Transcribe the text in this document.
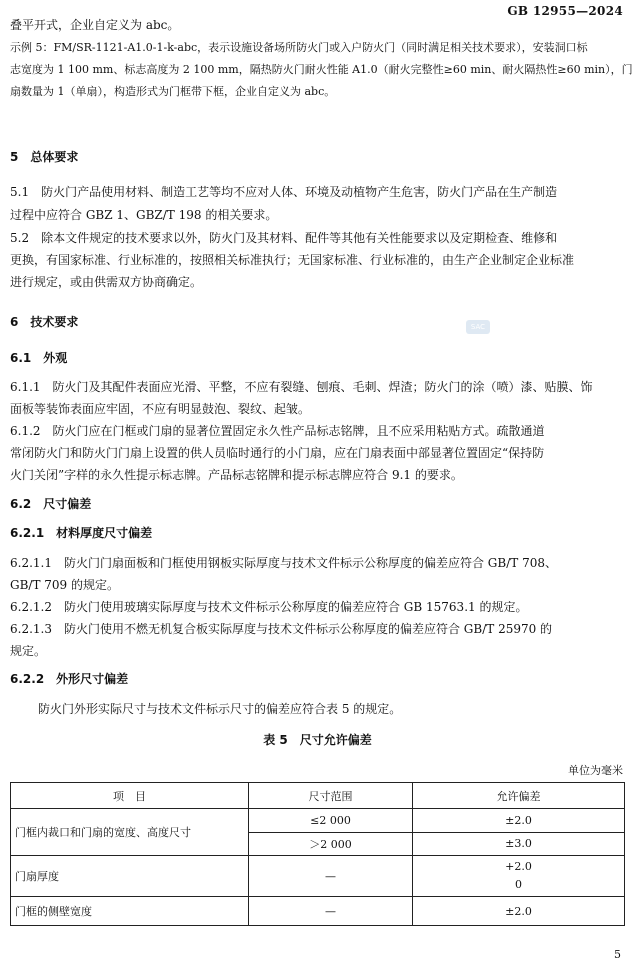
GB 12955—2024
叠平开式，企业自定义为 abc。
示例 5：FM/SR-1121-A1.0-1-k-abc，表示设施设备场所防火门或入户防火门（同时满足相关技术要求），安装洞口标
志宽度为 1 100 mm、标志高度为 2 100 mm，隔热防火门耐火性能 A1.0（耐火完整性≥60 min、耐火隔热性≥60 min），门
扇数量为 1（单扇），构造形式为门框带下框，企业自定义为 abc。
5　总体要求
5.1　防火门产品使用材料、制造工艺等均不应对人体、环境及动植物产生危害，防火门产品在生产制造
过程中应符合 GBZ 1、GBZ/T 198 的相关要求。
5.2　除本文件规定的技术要求以外，防火门及其材料、配件等其他有关性能要求以及定期检查、维修和
更换，有国家标准、行业标准的，按照相关标准执行；无国家标准、行业标准的，由生产企业制定企业标准
进行规定，或由供需双方协商确定。
6　技术要求	SAC
6.1　外观
6.1.1　防火门及其配件表面应光滑、平整，不应有裂缝、刨痕、毛刺、焊渣；防火门的涂（喷）漆、贴膜、饰
面板等装饰表面应牢固，不应有明显鼓泡、裂纹、起皱。
6.1.2　防火门应在门框或门扇的显著位置固定永久性产品标志铭牌，且不应采用粘贴方式。疏散通道
常闭防火门和防火门门扇上设置的供人员临时通行的小门扇，应在门扇表面中部显著位置固定“保持防
火门关闭”字样的永久性提示标志牌。产品标志铭牌和提示标志牌应符合 9.1 的要求。
6.2　尺寸偏差
6.2.1　材料厚度尺寸偏差
6.2.1.1　防火门门扇面板和门框使用钢板实际厚度与技术文件标示公称厚度的偏差应符合 GB/T 708、
GB/T 709 的规定。
6.2.1.2　防火门使用玻璃实际厚度与技术文件标示公称厚度的偏差应符合 GB 15763.1 的规定。
6.2.1.3　防火门使用不燃无机复合板实际厚度与技术文件标示公称厚度的偏差应符合 GB/T 25970 的
规定。
6.2.2　外形尺寸偏差
防火门外形实际尺寸与技术文件标示尺寸的偏差应符合表 5 的规定。
表 5　尺寸允许偏差
单位为毫米
项　目	尺寸范围	允许偏差
门框内裁口和门扇的宽度、高度尺寸	≤2 000	±2.0
	＞2 000	±3.0
门扇厚度	—	+2.0
0

门框的侧壁宽度	—	±2.0
5
